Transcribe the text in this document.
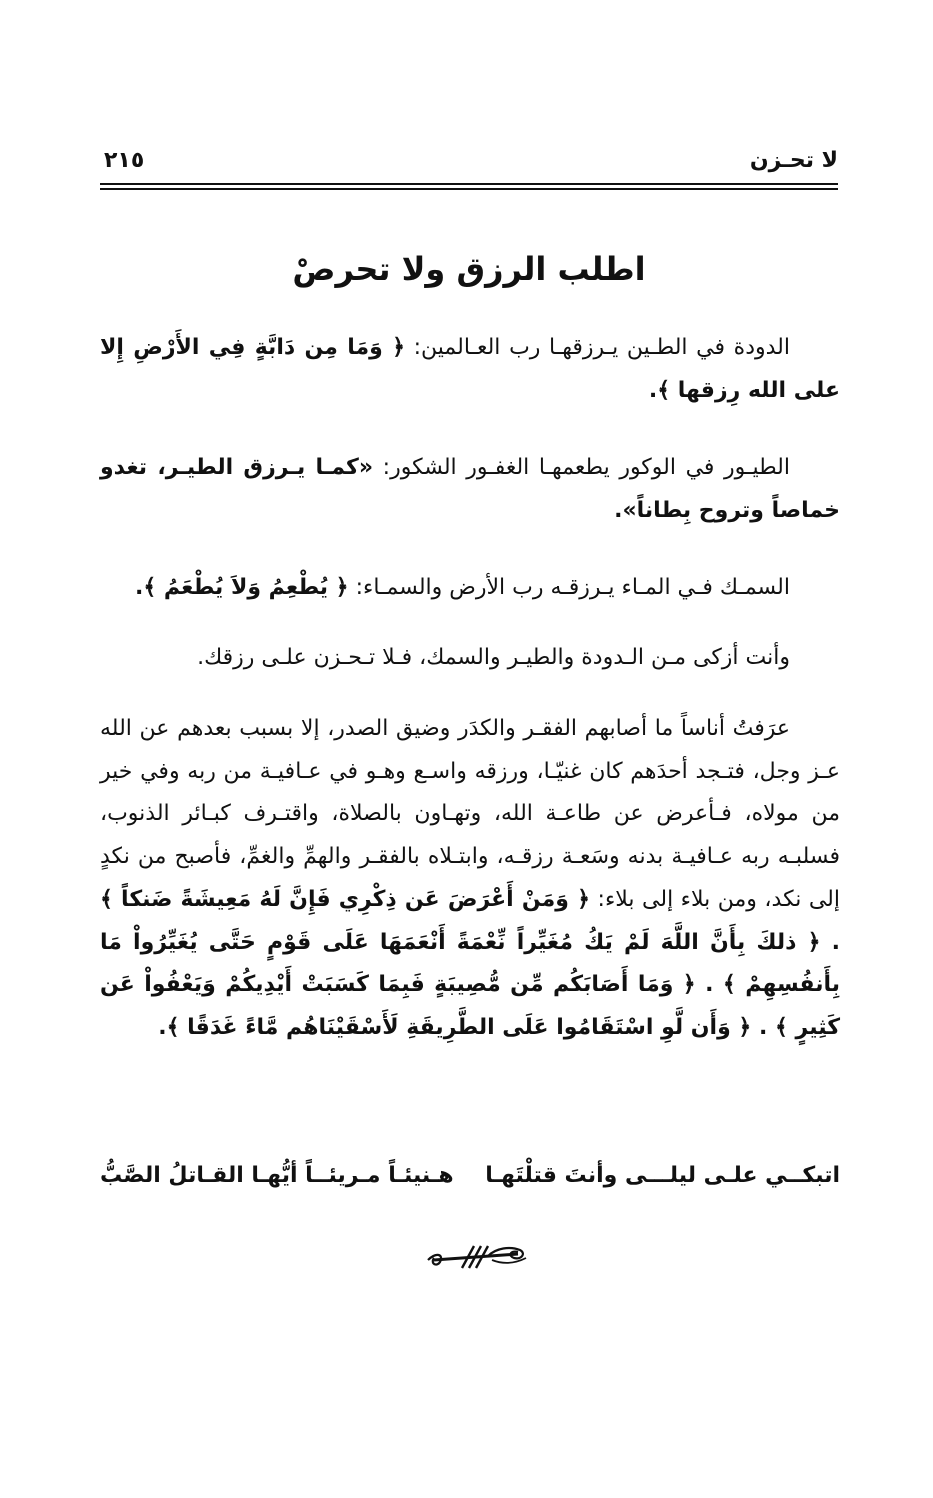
لا تحـزن
٢١٥
اطلب الرزق ولا تحرصْ

الدودة في الطـين يـرزقهـا رب العـالمين: ﴿ وَمَا مِن دَابَّةٍ فِي الأَرْضِ إِلا على الله رِزقها ﴾.

الطيـور في الوكور يطعمهـا الغفـور الشكور: «كمـا يـرزق الطيـر، تغدو خماصاً وتروح بِطاناً».

السمـك فـي المـاء يـرزقـه رب الأرض والسمـاء: ﴿ يُطْعِمُ وَلاَ يُطْعَمُ ﴾.

وأنت أزكى مـن الـدودة والطيـر والسمك، فـلا تـحـزن علـى رزقك.

عرَفتُ أناساً ما أصابهم الفقـر والكدَر وضيق الصدر، إلا بسبب بعدهم عن الله عـز وجل، فتـجد أحدَهم كان غنيّـا، ورزقه واسـع وهـو في عـافيـة من ربه وفي خير من مولاه، فـأعرض عن طاعـة الله، وتهـاون بالصلاة، واقتـرف كبـائر الذنوب، فسلبـه ربه عـافيـة بدنه وسَعـة رزقـه، وابتـلاه بالفقـر والهمِّ والغمِّ، فأصبح من نكدٍ إلى نكد، ومن بلاء إلى بلاء: ﴿ وَمَنْ أَعْرَضَ عَن ذِكْرِي فَإِنَّ لَهُ مَعِيشَةً ضَنكاً ﴾ . ﴿ ذلكَ بِأَنَّ اللَّهَ لَمْ يَكُ مُغَيِّراً نِّعْمَةً أَنْعَمَهَا عَلَى قَوْمٍ حَتَّى يُغَيِّرُواْ مَا بِأَنفُسِهِمْ ﴾ . ﴿ وَمَا أَصَابَكُم مِّن مُّصِيبَةٍ فَبِمَا كَسَبَتْ أَيْدِيكُمْ وَيَعْفُواْ عَن كَثِيرٍ ﴾ . ﴿ وَأَن لَّوِ اسْتَقَامُوا عَلَى الطَّرِيقَةِ لَأَسْقَيْنَاهُم مَّاءً غَدَقًا ﴾.

اتبكــي علـى ليلـــى وأنتَ قتلْتَهـا
هـنيئـاً مـريئــاً أيُّهـا القـاتلُ الصَّبُّ
